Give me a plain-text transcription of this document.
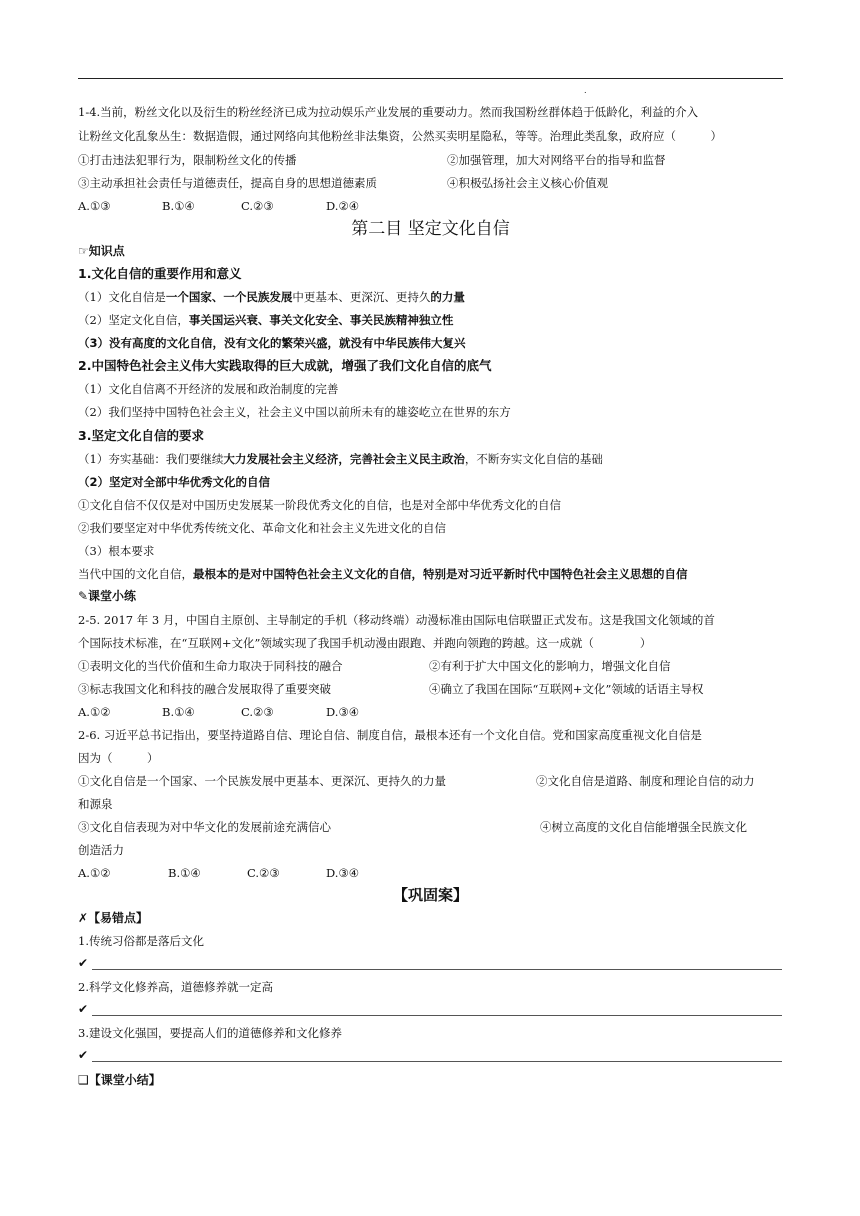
.
1-4.当前，粉丝文化以及衍生的粉丝经济已成为拉动娱乐产业发展的重要动力。然而我国粉丝群体趋于低龄化，利益的介入
让粉丝文化乱象丛生：数据造假，通过网络向其他粉丝非法集资，公然买卖明星隐私，等等。治理此类乱象，政府应（　　　）
①打击违法犯罪行为，限制粉丝文化的传播	②加强管理，加大对网络平台的指导和监督
③主动承担社会责任与道德责任，提高自身的思想道德素质	④积极弘扬社会主义核心价值观
A.①③	B.①④	C.②③	D.②④
第二目 坚定文化自信
☞知识点
1.文化自信的重要作用和意义
（1）文化自信是一个国家、一个民族发展中更基本、更深沉、更持久的力量
（2）坚定文化自信，事关国运兴衰、事关文化安全、事关民族精神独立性
（3）没有高度的文化自信，没有文化的繁荣兴盛，就没有中华民族伟大复兴
2.中国特色社会主义伟大实践取得的巨大成就，增强了我们文化自信的底气
（1）文化自信离不开经济的发展和政治制度的完善
（2）我们坚持中国特色社会主义，社会主义中国以前所未有的雄姿屹立在世界的东方
3.坚定文化自信的要求
（1）夯实基础：我们要继续大力发展社会主义经济，完善社会主义民主政治，不断夯实文化自信的基础
（2）坚定对全部中华优秀文化的自信
①文化自信不仅仅是对中国历史发展某一阶段优秀文化的自信，也是对全部中华优秀文化的自信
②我们要坚定对中华优秀传统文化、革命文化和社会主义先进文化的自信
（3）根本要求
当代中国的文化自信，最根本的是对中国特色社会主义文化的自信，特别是对习近平新时代中国特色社会主义思想的自信
✎课堂小练
2-5. 2017 年 3 月，中国自主原创、主导制定的手机（移动终端）动漫标准由国际电信联盟正式发布。这是我国文化领域的首
个国际技术标准，在“互联网+文化”领域实现了我国手机动漫由跟跑、并跑向领跑的跨越。这一成就（　　　　）
①表明文化的当代价值和生命力取决于同科技的融合	②有利于扩大中国文化的影响力，增强文化自信
③标志我国文化和科技的融合发展取得了重要突破	④确立了我国在国际“互联网+文化”领域的话语主导权
A.①②	B.①④	C.②③	D.③④
2-6. 习近平总书记指出，要坚持道路自信、理论自信、制度自信，最根本还有一个文化自信。党和国家高度重视文化自信是
因为（　　　）
①文化自信是一个国家、一个民族发展中更基本、更深沉、更持久的力量	②文化自信是道路、制度和理论自信的动力
和源泉
③文化自信表现为对中华文化的发展前途充满信心	④树立高度的文化自信能增强全民族文化
创造活力
A.①②	B.①④	C.②③	D.③④
【巩固案】
✗【易错点】
1.传统习俗都是落后文化
✔
2.科学文化修养高，道德修养就一定高
✔
3.建设文化强国，要提高人们的道德修养和文化修养
✔
❑【课堂小结】
